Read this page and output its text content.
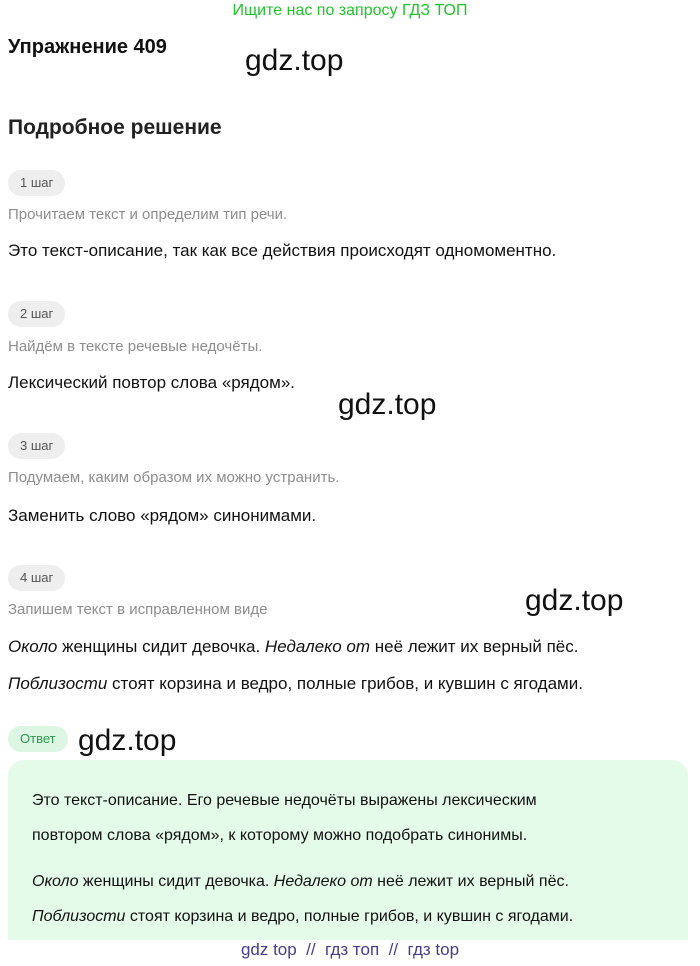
Ищите нас по запросу ГДЗ ТОП
Упражнение 409	gdz.top
Подробное решение
1 шаг
Прочитаем текст и определим тип речи.
Это текст-описание, так как все действия происходят одномоментно.
2 шаг
Найдём в тексте речевые недочёты.
Лексический повтор слова «рядом».
gdz.top
3 шаг
Подумаем, каким образом их можно устранить.
Заменить слово «рядом» синонимами.
4 шаг
Запишем текст в исправленном виде	gdz.top
Около женщины сидит девочка. Недалеко от неё лежит их верный пёс.
Поблизости стоят корзина и ведро, полные грибов, и кувшин с ягодами.
Ответ gdz.top
Это текст-описание. Его речевые недочёты выражены лексическим
повтором слова «рядом», к которому можно подобрать синонимы.
Около женщины сидит девочка. Недалеко от неё лежит их верный пёс.
Поблизости стоят корзина и ведро, полные грибов, и кувшин с ягодами.
gdz top  //  гдз топ  //  гдз top
